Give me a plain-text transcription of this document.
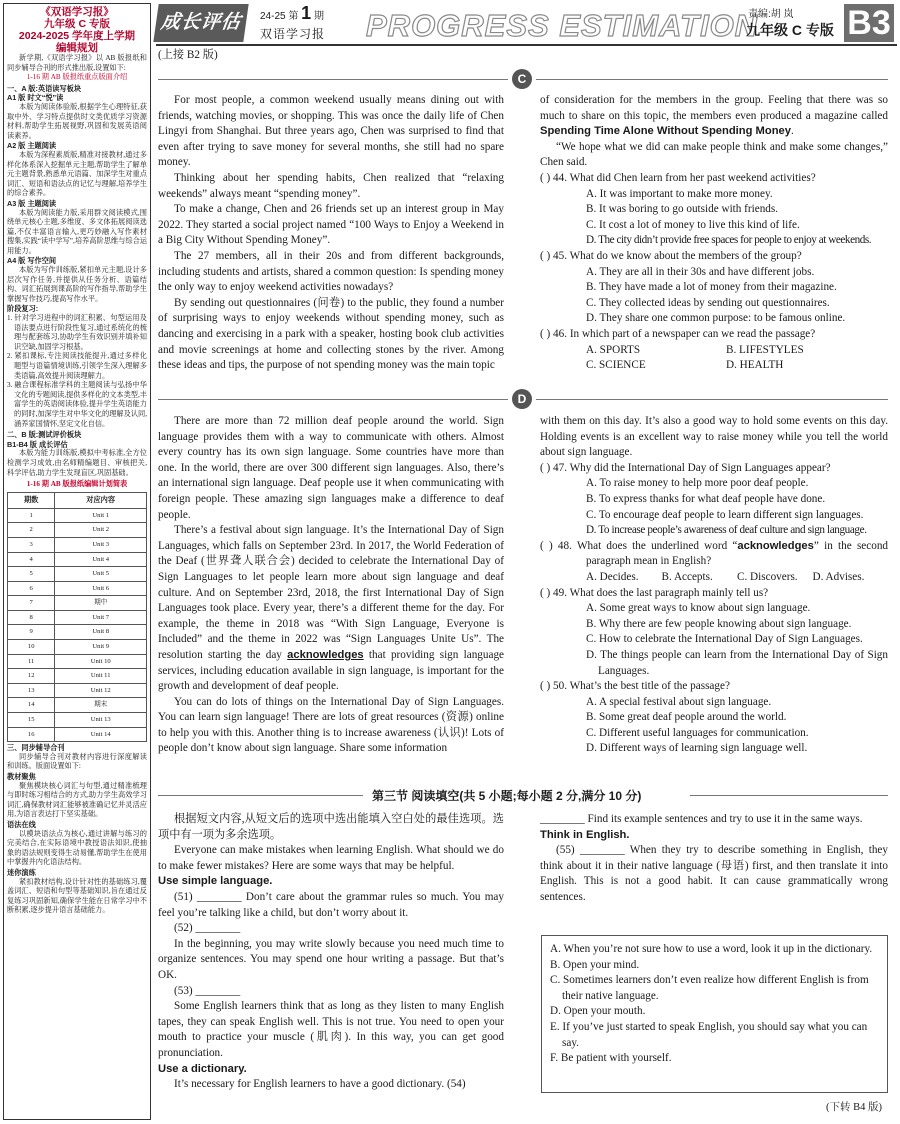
《双语学习报》
九年级 C 专版
2024-2025 学年度上学期
编辑规划

新学期,《双语学习报》以 AB 版报纸和同步辅导合刊的形式推出版,设置如下:

1-16 期 AB 版报纸重点版面介绍
一、A 版:英语读写板块
A1 版 时文“悦”读

本版为阅读体验版,根据学生心理特征,获取中外、学习特点提供时文类优质学习资源材料,帮助学生拓展视野,巩固和发展英语阅读素养。

A2 版 主题阅读

本版为深程素质版,精准对接教材,通过多样化体系深入挖掘单元主题,帮助学生了解单元主题背景,熟悉单元语篇、加深学生对重点词汇、短语和语法点的记忆与理解,培养学生的综合素养。

A3 版 主题阅读

本版为阅读能力版,采用群文阅读模式,围绕单元核心主题,多维度、多文体拓展阅读选篇,不仅丰富语言输入,更巧妙融入写作素材搜集,实践“读中学写”,培养高阶思维与综合运用能力。

A4 版 写作空间

本版为写作训练版,紧扣单元主题,设计多层次写作任务,并提供从任务分析、语篇结构、词汇拓展到课高阶的写作指导,帮助学生掌握写作技巧,提高写作水平。

阶段复习:
1. 针对学习进程中的词汇积累、句型运用及语法要点进行阶段性复习,通过系统化的梳理与配套练习,协助学生有效识别并填补知识空缺,加固学习根基。
2. 紧扣课标,专注阅读技能提升,通过多样化题型与语篇情境训练,引领学生深入理解多类语篇,高效提升阅读理解力。
3. 融合课程标准学科的主题阅读与弘扬中华文化的专题阅读,提供多样化的文本类型,丰富学生的英语阅读体验,提升学生英语能力的同时,加深学生对中华文化的理解及认同,涵养家国情怀,坚定文化自信。
二、B 版:测试评价板块
B1-B4 版 成长评估

本版为能力训练版,模拟中考标准,全方位检测学习成效,由名师精编题目、审核把关,科学评估,助力学生发现盲区,巩固基础。

1-16 期 AB 版报纸编辑计划简表
期数	对应内容
1	Unit 1
2	Unit 2
3	Unit 3
4	Unit 4
5	Unit 5
6	Unit 6
7	期中
8	Unit 7
9	Unit 8
10	Unit 9
11	Unit 10
12	Unit 11
13	Unit 12
14	期末
15	Unit 13
16	Unit 14
三、同步辅导合刊

同步辅导合刊对教材内容进行深度解读和训练。版面设置如下:

教材聚焦

聚焦模块核心词汇与句型,通过精准梳理与即时练习相结合的方式,助力学生高效学习词汇,确保教材词汇能够被准确记忆并灵活应用,为语言表达打下坚实基础。

语法在线

以模块语法点为核心,通过讲解与练习的完美结合,在实际语境中教授语法知识,使抽象的语法规则变得生动易懂,帮助学生在使用中掌握并内化语法结构。

迷你演练

紧扣教材结构,设计针对性的基础练习,覆盖词汇、短语和句型等基础知识,旨在通过反复练习巩固新知,确保学生能在日常学习中不断积累,逐步提升语言基础能力。

成长评估	24-25 第 1 期
双语学习报 PROGRESS ESTIMATION
责编:胡 岚
九年级 C 专版 B3
(上接 B2 版)
C

For most people, a common weekend usually means dining out with friends, watching movies, or shopping. This was once the daily life of Chen Lingyi from Shanghai. But three years ago, Chen was surprised to find that even after trying to save money for several months, she still had no spare money.

Thinking about her spending habits, Chen realized that “relaxing weekends” always meant “spending money”.

To make a change, Chen and 26 friends set up an interest group in May 2022. They started a social project named “100 Ways to Enjoy a Weekend in a Big City Without Spending Money”.

The 27 members, all in their 20s and from different backgrounds, including students and artists, shared a common question: Is spending money the only way to enjoy weekend activities nowadays?

By sending out questionnaires (问卷) to the public, they found a number of surprising ways to enjoy weekends without spending money, such as dancing and exercising in a park with a speaker, hosting book club activities and movie screenings at home and collecting stones by the river. Among these ideas and tips, the purpose of not spending money was the main topic

of consideration for the members in the group. Feeling that there was so much to share on this topic, the members even produced a magazine called Spending Time Alone Without Spending Money.

“We hope what we did can make people think and make some changes,” Chen said.

( ) 44. What did Chen learn from her past weekend activities?
A. It was important to make more money.
B. It was boring to go outside with friends.
C. It cost a lot of money to live this kind of life.
D. The city didn’t provide free spaces for people to enjoy at weekends.
( ) 45. What do we know about the members of the group?
A. They are all in their 30s and have different jobs.
B. They have made a lot of money from their magazine.
C. They collected ideas by sending out questionnaires.
D. They share one common purpose: to be famous online.
( ) 46. In which part of a newspaper can we read the passage?
A. SPORTS	B. LIFESTYLES
C. SCIENCE	D. HEALTH
D

There are more than 72 million deaf people around the world. Sign language provides them with a way to communicate with others. Almost every country has its own sign language. Some countries have more than one. In the world, there are over 300 different sign languages. Also, there’s an international sign language. Deaf people use it when communicating with foreign people. These amazing sign languages make a difference to deaf people.

There’s a festival about sign language. It’s the International Day of Sign Languages, which falls on September 23rd. In 2017, the World Federation of the Deaf (世界聋人联合会) decided to celebrate the International Day of Sign Languages to let people learn more about sign language and deaf culture. And on September 23rd, 2018, the first International Day of Sign Languages took place. Every year, there’s a different theme for the day. For example, the theme in 2018 was “With Sign Language, Everyone is Included” and the theme in 2022 was “Sign Languages Unite Us”. The resolution starting the day acknowledges that providing sign language services, including education available in sign language, is important for the growth and development of deaf people.

You can do lots of things on the International Day of Sign Languages. You can learn sign language! There are lots of great resources (资源) online to help you with this. Another thing is to increase awareness (认识)! Lots of people don’t know about sign language. Share some information

with them on this day. It’s also a good way to hold some events on this day. Holding events is an excellent way to raise money while you tell the world about sign language.

( ) 47. Why did the International Day of Sign Languages appear?
A. To raise money to help more poor deaf people.
B. To express thanks for what deaf people have done.
C. To encourage deaf people to learn different sign languages.
D. To increase people’s awareness of deaf culture and sign language.
( ) 48. What does the underlined word “acknowledges” in the second paragraph mean in English?
A. Decides.	B. Accepts.	C. Discovers.	D. Advises.
( ) 49. What does the last paragraph mainly tell us?
A. Some great ways to know about sign language.
B. Why there are few people knowing about sign language.
C. How to celebrate the International Day of Sign Languages.
D. The things people can learn from the International Day of Sign Languages.
( ) 50. What’s the best title of the passage?
A. A special festival about sign language.
B. Some great deaf people around the world.
C. Different useful languages for communication.
D. Different ways of learning sign language well.
第三节 阅读填空(共 5 小题;每小题 2 分,满分 10 分)

根据短文内容,从短文后的选项中选出能填入空白处的最佳选项。选项中有一项为多余选项。

Everyone can make mistakes when learning English. What should we do to make fewer mistakes? Here are some ways that may be helpful.

Use simple language.

(51) ________ Don’t care about the grammar rules so much. You may feel you’re talking like a child, but don’t worry about it.

(52) ________

In the beginning, you may write slowly because you need much time to organize sentences. You may spend one hour writing a passage. But that’s OK.

(53) ________

Some English learners think that as long as they listen to many English tapes, they can speak English well. This is not true. You need to open your mouth to practice your muscle (肌肉). In this way, you can get good pronunciation.

Use a dictionary.

It’s necessary for English learners to have a good dictionary. (54)

________ Find its example sentences and try to use it in the same ways.

Think in English.

(55) ________ When they try to describe something in English, they think about it in their native language (母语) first, and then translate it into English. This is not a good habit. It can cause grammatically wrong sentences.

A. When you’re not sure how to use a word, look it up in the dictionary.
B. Open your mind.
C. Sometimes learners don’t even realize how different English is from their native language.
D. Open your mouth.
E. If you’ve just started to speak English, you should say what you can say.
F. Be patient with yourself.
(下转 B4 版)
